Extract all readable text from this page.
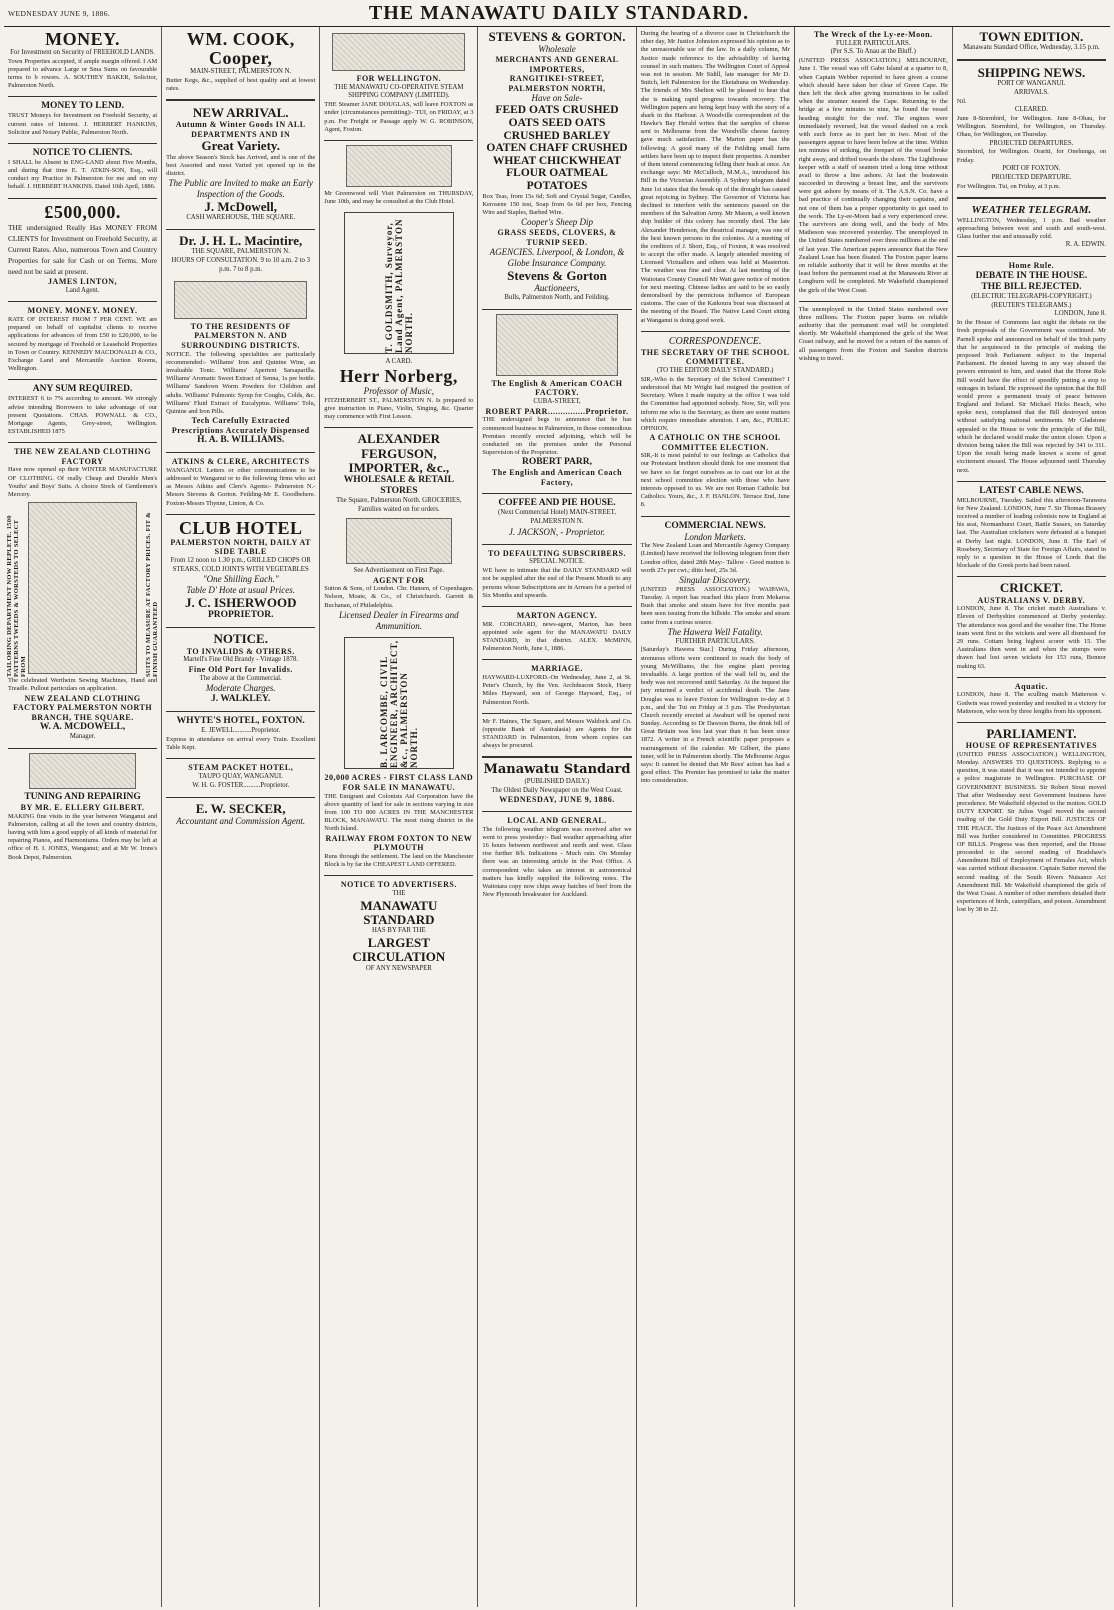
WEDNESDAY JUNE 9, 1886.	THE MANAWATU DAILY STANDARD.
MONEY.
For Investment on Security of FREEHOLD LANDS.
Town Properties accepted, if ample margin offered. I AM prepared to advance Large or Sma Sums on favourable terms to b rowers. A. SOUTHEY BAKER, Solicitor, Palmerston North.
MONEY TO LEND.
TRUST Moneys for Investment on Freehold Security, at current rates of Interest. J. HERBERT HANKINS, Solicitor and Notary Public, Palmerston North.
NOTICE TO CLIENTS.
I SHALL be Absent in ENG-LAND about Five Months, and during that time E. T. ATKIN-SON, Esq., will conduct my Practice in Palmerston for me and on my behalf. J. HERBERT HANKINS. Dated 10th April, 1886.
£500,000.
THE undersigned Really Has MONEY FROM CLIENTS for Investment on Freehold Security, at Current Rates. Also, numerous Town and Country Properties for sale for Cash or on Terms. More need not be said at present.
JAMES LINTON,
Land Agent.
MONEY. MONEY. MONEY.
RATE OF INTEREST FROM 7 PER CENT. WE are prepared on behalf of capitalist clients to receive applications for advances of from £50 to £20,000, to be secured by mortgage of Freehold or Leasehold Properties in Town or Country. KENNEDY MACDONALD & CO., Exchange Land and Mercantile Auction Rooms, Wellington.
ANY SUM REQUIRED.
INTEREST 6 to 7% according to amount. We strongly advise intending Borrowers to take advantage of our present Quotations. CHAS. POWNALL & CO., Mortgage Agents, Grey-street, Wellington. ESTABLISHED 1875
THE NEW ZEALAND CLOTHING FACTORY
Have now opened up their WINTER MANUFACTURE OF CLOTHING. Of really Cheap and Durable Men's Youths' and Boys' Suits. A choice Stock of Gentlemen's Mercery.
TAILORING DEPARTMENT NOW REPLETE. 1500 PATTERNS TWEEDS & WORSTEDS TO SELECT FROM	SUITS TO MEASURE AT FACTORY PRICES. FIT & FINISH GUARANTEED
The celebrated Wertheim Sewing Machines, Hand and Treadle. Pullout particulars on application.
NEW ZEALAND CLOTHING FACTORY PALMERSTON NORTH BRANCH, THE SQUARE.
W. A. MCDOWELL,
Manager.
TUNING AND REPAIRING
BY MR. E. ELLERY GILBERT.
MAKING fine visits in the year between Wanganui and Palmerston, calling at all the town and country districts, having with him a good supply of all kinds of material for repairing Pianos, and Harmoniums. Orders may be left at office of H. I. JONES, Wanganui; and at Mr W. Irons's Book Depot, Palmerston.
WM. COOK,
Cooper,
MAIN-STREET, PALMERSTON N.
Butter Kegs, &c., supplied of best quality and at lowest rates.
NEW ARRIVAL.
Autumn & Winter Goods IN ALL DEPARTMENTS AND IN
Great Variety.
The above Season's Stock has Arrived, and is one of the best Assorted and most Varied yet opened up in the district.
The Public are Invited to make an Early Inspection of the Goods.
J. McDowell,
CASH WAREHOUSE, THE SQUARE.
Dr. J. H. L. Macintire,
THE SQUARE, PALMERSTON N.
HOURS OF CONSULTATION. 9 to 10 a.m. 2 to 3 p.m. 7 to 8 p.m.
TO THE RESIDENTS OF PALMERSTON N. AND SURROUNDING DISTRICTS.
NOTICE. The following specialities are particularly recommended:- Williams' Iron and Quinine Wine, an invaluable Tonic. Williams' Aperient Sarsaparilla. Williams' Aromatic Sweet Extract of Senna, 1s per bottle. Williams' Sandown Worm Powders for Children and adults. Williams' Pulmonic Syrup for Coughs, Colds, &c. Williams' Fluid Extract of Eucalyptus. Williams' Tolu, Quinine and Iron Pills.
Tech Carefully Extracted
Prescriptions Accurately Dispensed
H. A. B. WILLIAMS.
ATKINS & CLERE, ARCHITECTS
WANGANUI. Letters or other communications to be addressed to Wanganui or to the following firms who act as Messrs Atkins and Clere's Agents:- Palmerston N.-Messrs Stevens & Gorton. Feilding-Mr E. Goodbehere. Foxton-Messrs Thynne, Linton, & Co.
CLUB HOTEL
PALMERSTON NORTH, DAILY AT SIDE TABLE
From 12 noon to 1.30 p.m., GRILLED CHOPS OR STEAKS, COLD JOINTS WITH VEGETABLES
"One Shilling Each."
Table D' Hote at usual Prices.
J. C. ISHERWOOD
PROPRIETOR.
NOTICE.
TO INVALIDS & OTHERS.
Martell's Fine Old Brandy - Vintage 1878.
Fine Old Port for Invalids.
The above at the Commercial.
Moderate Charges.
J. WALKLEY.
WHYTE'S HOTEL, FOXTON.
E. JEWELL..........Proprietor.
Express in attendance on arrival every Train. Excellent Table Kept.
STEAM PACKET HOTEL,
TAUPO QUAY, WANGANUI.
W. H. G. FOSTER..........Proprietor.
E. W. SECKER,
Accountant and Commission Agent.
FOR WELLINGTON.
THE MANAWATU CO-OPERATIVE STEAM SHIPPING COMPANY (LIMITED).
THE Steamer JANE DOUGLAS, will leave FOXTON as under (circumstances permitting):- TUI, on FRIDAY, at 3 p.m. For Freight or Passage apply W. G. ROBINSON, Agent, Foxton.
Mr Greenwood will Visit Palmerston on THURSDAY, June 10th, and may be consulted at the Club Hotel.
T. GOLDSMITH, Surveyor, Land Agent, PALMERSTON NORTH.
A CARD.
Herr Norberg,
Professor of Music,
FITZHERBERT ST., PALMERSTON N. Is prepared to give instruction in Piano, Violin, Singing, &c. Quarter may commence with First Lesson.
ALEXANDER FERGUSON,
IMPORTER, &c.,
WHOLESALE & RETAIL STORES
The Square, Palmerston North. GROCERIES, Families waited on for orders.
See Advertisement on First Page.
AGENT FOR
Sutton & Sons, of London. Chr. Hansen, of Copenhagen. Nelson, Moate, & Co., of Christchurch. Garrett & Buchanan, of Philadelphia.
Licensed Dealer in Firearms and Ammunition.
B. LARCOMBE, CIVIL ENGINEER, ARCHITECT, &c., PALMERSTON NORTH.
20,000 ACRES - FIRST CLASS LAND FOR SALE IN MANAWATU.
THE Emigrant and Colonists Aid Corporation have the above quantity of land for sale in sections varying in size from 100 TO 800 ACRES IN THE MANCHESTER BLOCK, MANAWATU. The most rising district in the North Island.
RAILWAY FROM FOXTON TO NEW PLYMOUTH
Runs through the settlement. The land on the Manchester Block is by far the CHEAPEST LAND OFFERED.
NOTICE TO ADVERTISERS.
THE
MANAWATU STANDARD
HAS BY FAR THE
LARGEST CIRCULATION
OF ANY NEWSPAPER
STEVENS & GORTON.
Wholesale
MERCHANTS AND GENERAL IMPORTERS,
RANGITIKEI-STREET, PALMERSTON NORTH,
Have on Sale-
FEED OATS CRUSHED OATS SEED OATS CRUSHED BARLEY OATEN CHAFF CRUSHED WHEAT CHICKWHEAT FLOUR OATMEAL POTATOES
Box Teas, from 15s 6d; Soft and Crystal Sugar, Candles, Kerosene 150 test, Soap from 6s 6d per box, Fencing Wire and Staples, Barbed Wire.
Cooper's Sheep Dip
GRASS SEEDS, CLOVERS, & TURNIP SEED.
AGENCIES. Liverpool, & London, & Globe Insurance Company.
Stevens & Gorton
Auctioneers,
Bulls, Palmerston North, and Feilding.
The English & American COACH FACTORY.
CUBA-STREET,
ROBERT PARR...............Proprietor.
THE undersigned begs to announce that he has commenced business in Palmerston, in those commodious Premises recently erected adjoining, which will be conducted on the premises under the Personal Supervision of the Proprietor.
ROBERT PARR,
The English and American Coach Factory,
COFFEE AND PIE HOUSE.
(Next Commercial Hotel) MAIN-STREET, PALMERSTON N.
J. JACKSON, - Proprietor.
TO DEFAULTING SUBSCRIBERS.
SPECIAL NOTICE.
WE have to intimate that the DAILY STANDARD will not be supplied after the end of the Present Month to any persons whose Subscriptions are in Arrears for a period of Six Months and upwards.
MARTON AGENCY.
MR. CORCHARD, news-agent, Marton, has been appointed sole agent for the MANAWATU DAILY STANDARD, in that district. ALEX. McMINN, Palmerston North, June 1, 1886.
MARRIAGE.
HAYWARD-LUXFORD.-On Wednesday, June 2, at St. Peter's Church, by the Ven. Archdeacon Stock, Harry Miles Hayward, son of George Hayward, Esq., of Palmerston North.
Mr F. Haines, The Square, and Messrs Waldock and Co. (opposite Bank of Australasia) are Agents for the STANDARD in Palmerston, from whom copies can always be procured.
Manawatu Standard
(PUBLISHED DAILY.)
The Oldest Daily Newspaper on the West Coast.
WEDNESDAY, JUNE 9, 1886.
LOCAL AND GENERAL.
The following weather telegram was received after we went to press yesterday:- Bad weather approaching after 16 hours between northwest and north and west. Glass rise further 8/h. Indications - Much rain. On Monday there was an interesting article in the Post Office. A correspondent who takes an interest in astronomical matters has kindly supplied the following notes. The Waitotara copy now chips away batches of beef from the New Plymouth breakwater for Auckland.
During the hearing of a divorce case in Christchurch the other day, Mr Justice Johnston expressed his opinion as to the unreasonable use of the law. In a daily column, Mr Justice made reference to the advisability of having counsel in such matters. The Wellington Court of Appeal was not in session. Mr Sidill, late manager for Mr D. Snitch, left Palmerston for the Eketahuna on Wednesday. The friends of Mrs Shelton will be pleased to hear that she is making rapid progress towards recovery. The Wellington papers are being kept busy with the story of a shark in the Harbour. A Woodville correspondent of the Hawke's Bay Herald writes that the samples of cheese sent to Melbourne from the Woodville cheese factory gave much satisfaction. The Marton paper has the following: A good many of the Feilding small farm settlers have been up to inspect their properties. A number of them intend commencing felling their bush at once. An exchange says: Mr McCulloch, M.M.A., introduced his Bill in the Victorian Assembly. A Sydney telegram dated June 1st states that the break up of the drought has caused great rejoicing in Sydney. The Governor of Victoria has declined to interfere with the sentences passed on the members of the Salvation Army. Mr Mason, a well known ship builder of this colony has recently died. The late Alexander Henderson, the theatrical manager, was one of the best known persons in the colonies. At a meeting of the creditors of J. Short, Esq., of Foxton, it was resolved to accept the offer made. A largely attended meeting of Licensed Victuallers and others was held at Masterton. The weather was fine and clear. At last meeting of the Waitotara County Council Mr Watt gave notice of motion for next meeting. Chinese ladies are said to be so easily demoralised by the pernicious influence of European customs. The case of the Kaikoura boat was discussed at the meeting of the Board. The Native Land Court sitting at Wanganui is doing good work.
CORRESPONDENCE.
THE SECRETARY OF THE SCHOOL COMMITTEE.
(TO THE EDITOR DAILY STANDARD.)
SIR,-Who is the Secretary of the School Committee? I understood that Mr Wright had resigned the position of Secretary. When I made inquiry at the office I was told the Committee had appointed nobody. Now, Sir, will you inform me who is the Secretary, as there are some matters which require immediate attention. I am, &c., PUBLIC OPINION.
A CATHOLIC ON THE SCHOOL COMMITTEE ELECTION.
SIR,-It is most painful to our feelings as Catholics that our Protestant brethren should think for one moment that we have so far forgot ourselves as to cast our lot at the next school committee election with those who have interests opposed to us. We are not Roman Catholic but Catholics. Yours, &c., J. F. HANLON. Terrace End, June 8.
COMMERCIAL NEWS.
London Markets.
The New Zealand Loan and Mercantile Agency Company (Limited) have received the following telegram from their London office, dated 28th May:- Tallow - Good mutton is worth 27s per cwt.; ditto beef, 25s 3d.
Singular Discovery.
(UNITED PRESS ASSOCIATION.) WAIPAWA, Tuesday. A report has reached this place from Mokaroa Bush that smoke and steam have for five months past been seen issuing from the hillside. The smoke and steam came from a curious source.
The Hawera Well Fatality.
FURTHER PARTICULARS.
[Saturday's Hawera Star.] During Friday afternoon, strenuous efforts were continued to reach the body of young McWilliams, the fire engine plant proving invaluable. A large portion of the wall fell in, and the body was not recovered until Saturday. At the inquest the jury returned a verdict of accidental death. The Jane Douglas was to leave Foxton for Wellington to-day at 3 p.m., and the Tui on Friday at 3 p.m. The Presbyterian Church recently erected at Awahuri will be opened next Sunday. According to Dr Dawson Burns, the drink bill of Great Britain was less last year than it has been since 1872. A writer in a French scientific paper proposes a rearrangement of the calendar. Mr Gilbert, the piano tuner, will be in Palmerston shortly. The Melbourne Argus says: It cannot be denied that Mr Rees' action has had a good effect. The Premier has promised to take the matter into consideration.
The Wreck of the Ly-ee-Moon.
FULLER PARTICULARS.
(Per S.S. To Anau at the Bluff.)
(UNITED PRESS ASSOCIATION.) MELBOURNE, June 1. The vessel was off Gabo Island at a quarter to 8, when Captain Webber reported to have given a course which should have taken her clear of Green Cape. He then left the deck after giving instructions to be called when the steamer neared the Cape. Returning to the bridge at a few minutes to nine, he found the vessel heading straight for the reef. The engines were immediately reversed, but the vessel dashed on a rock with such force as to part her in two. Most of the passengers appear to have been below at the time. Within ten minutes of striking, the forepart of the vessel broke right away, and drifted towards the shore. The Lighthouse keeper with a staff of seamen tried a long time without avail to throw a line ashore. At last the boatswain succeeded in throwing a breast line, and the survivors were got ashore by means of it. The A.S.N. Co. have a bad practice of continually changing their captains, and not one of them has a proper opportunity to get used to the work. The Ly-ee-Moon had a very experienced crew. The survivors are doing well, and the body of Mrs Matheson was recovered yesterday. The unemployed in the United States numbered over three millions at the end of last year. The American papers announce that the New Zealand Loan has been floated. The Foxton paper learns on reliable authority that it will be three months at the least before the permanent road at the Manawatu River at Longburn will be completed. Mr Wakefield championed the girls of the West Coast.
The unemployed in the United States numbered over three millions. The Foxton paper learns on reliable authority that the permanent road will be completed shortly. Mr Wakefield championed the girls of the West Coast railway, and he moved for a return of the names of all passengers from the Foxton and Sandon districts wishing to travel.
TOWN EDITION.
Manawatu Standard Office, Wednesday, 3.15 p.m.
SHIPPING NEWS.
PORT OF WANGANUI.
ARRIVALS.
Nil.
CLEARED.
June 8-Stormbird, for Wellington. June 8-Ohau, for Wellington. Stormbird, for Wellington, on Thursday. Ohau, for Wellington, on Thursday.
PROJECTED DEPARTURES.
Stormbird, for Wellington. Orariti, for Onehunga, on Friday.
PORT OF FOXTON.
PROJECTED DEPARTURE.
For Wellington. Tui, on Friday, at 3 p.m.
WEATHER TELEGRAM.
WELLINGTON, Wednesday, 1 p.m. Bad weather approaching between west and south and south-west. Glass further rise and unusually cold.
R. A. EDWIN.
Home Rule.
DEBATE IN THE HOUSE.
THE BILL REJECTED.
(ELECTRIC TELEGRAPH-COPYRIGHT.) (REUTER'S TELEGRAMS.)
LONDON, June 8.
In the House of Commons last night the debate on the fresh proposals of the Government was continued. Mr Parnell spoke and announced on behalf of the Irish party that he acquiesced in the principle of making the proposed Irish Parliament subject to the Imperial Parliament. He denied having in any way abused the powers entrusted to him, and stated that the Home Rule Bill would have the effect of speedily putting a stop to outrages in Ireland. He expressed the opinion that the Bill would prove a permanent treaty of peace between England and Ireland. Sir Michael Hicks Beach, who spoke next, complained that the Bill destroyed union without satisfying national sentiments. Mr Gladstone appealed to the House to vote the principle of the Bill, which he declared would make the union closer. Upon a division being taken the Bill was rejected by 341 to 311. Upon the result being made known a scene of great excitement ensued. The House adjourned until Thursday next.
LATEST CABLE NEWS.
MELBOURNE, Tuesday. Sailed this afternoon-Tarawera for New Zealand. LONDON, June 7. Sir Thomas Brassey received a number of leading colonists now in England at his seat, Normanhurst Court, Battle Sussex, on Saturday last. The Australian cricketers were defeated at a banquet at Derby last night. LONDON, June 8. The Earl of Rosebery, Secretary of State for Foreign Affairs, stated in reply to a question in the House of Lords that the blockade of the Greek ports had been raised.
CRICKET.
AUSTRALIANS V. DERBY.
LONDON, June 8. The cricket match Australians v. Eleven of Derbyshire commenced at Derby yesterday. The attendance was good and the weather fine. The Home team went first to the wickets and were all dismissed for 29 runs. Cottam being highest scorer with 15. The Australians then went in and when the stumps were drawn had lost seven wickets for 153 runs, Bonnor making 63.
Aquatic.
LONDON, June 8. The sculling match Matterson v. Godwin was rowed yesterday and resulted in a victory for Matterson, who won by three lengths from his opponent.
PARLIAMENT.
HOUSE OF REPRESENTATIVES
(UNITED PRESS ASSOCIATION.) WELLINGTON, Monday. ANSWERS TO QUESTIONS. Replying to a question, it was stated that it was not intended to appoint a police magistrate in Wellington. PURCHASE OF GOVERNMENT BUSINESS. Sir Robert Stout moved That after Wednesday next Government business have precedence. Mr Wakefield objected to the motion. GOLD DUTY EXPORT. Sir Julius Vogel moved the second reading of the Gold Duty Export Bill. JUSTICES OF THE PEACE. The Justices of the Peace Act Amendment Bill was further considered in Committee. PROGRESS OF BILLS. Progress was then reported, and the House proceeded to the second reading of Bradshaw's Amendment Bill of Employment of Females Act, which was carried without discussion. Captain Sutter moved the second reading of the South Rivers Nuisance Act Amendment Bill. Mr Wakefield championed the girls of the West Coast. A number of other members detailed their experiences of birds, caterpillars, and poison. Amendment lost by 38 to 22.
